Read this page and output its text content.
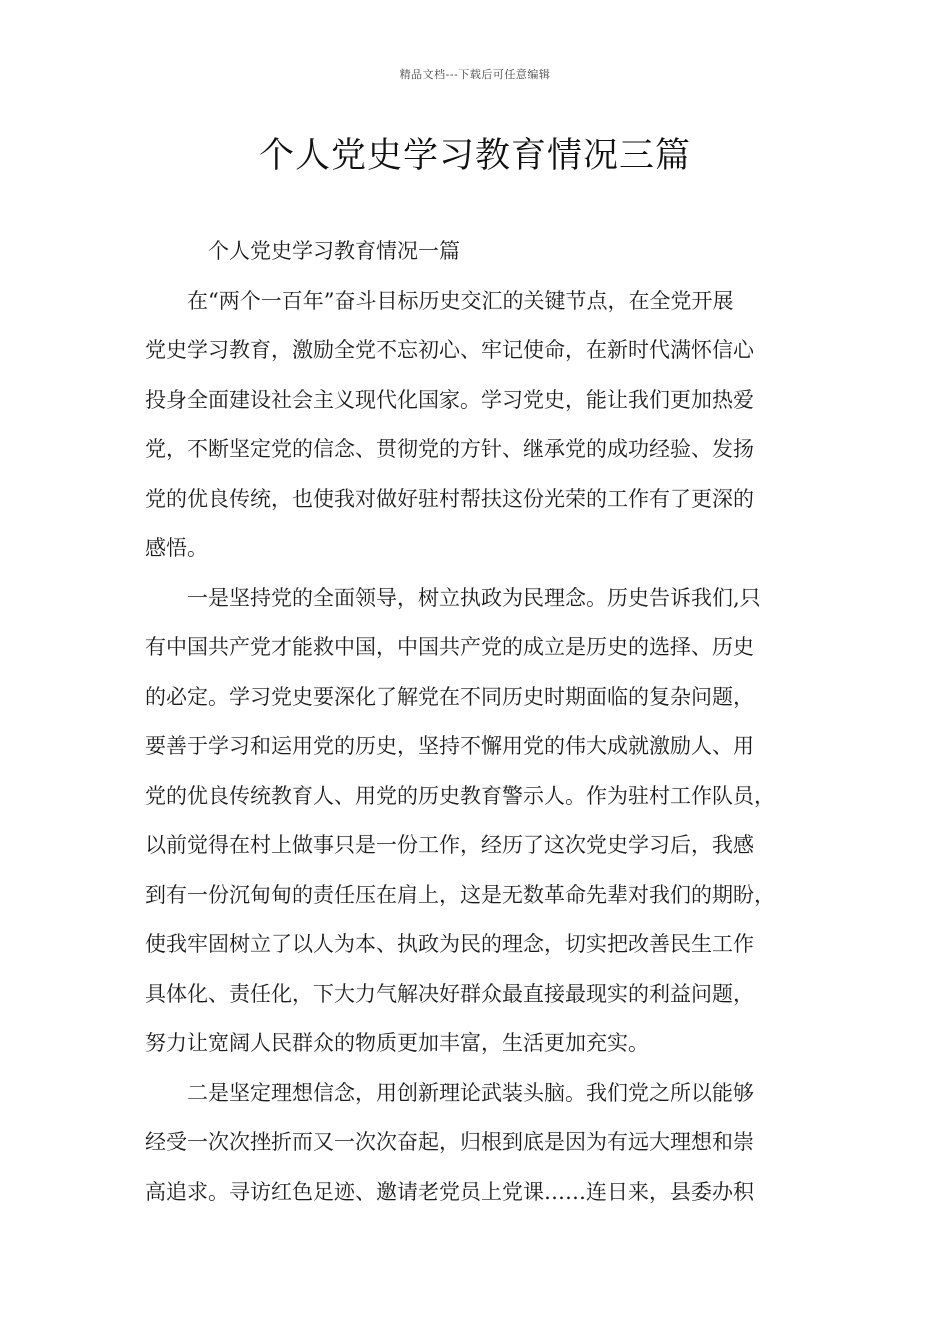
精品文档---下载后可任意编辑
个人党史学习教育情况三篇
个人党史学习教育情况一篇
在“两个一百年”奋斗目标历史交汇的关键节点，在全党开展
党史学习教育，激励全党不忘初心、牢记使命，在新时代满怀信心
投身全面建设社会主义现代化国家。学习党史，能让我们更加热爱
党，不断坚定党的信念、贯彻党的方针、继承党的成功经验、发扬
党的优良传统，也使我对做好驻村帮扶这份光荣的工作有了更深的
感悟。
一是坚持党的全面领导，树立执政为民理念。历史告诉我们,只
有中国共产党才能救中国，中国共产党的成立是历史的选择、历史
的必定。学习党史要深化了解党在不同历史时期面临的复杂问题，
要善于学习和运用党的历史，坚持不懈用党的伟大成就激励人、用
党的优良传统教育人、用党的历史教育警示人。作为驻村工作队员，
以前觉得在村上做事只是一份工作，经历了这次党史学习后，我感
到有一份沉甸甸的责任压在肩上，这是无数革命先辈对我们的期盼，
使我牢固树立了以人为本、执政为民的理念，切实把改善民生工作
具体化、责任化，下大力气解决好群众最直接最现实的利益问题，
努力让宽阔人民群众的物质更加丰富，生活更加充实。
二是坚定理想信念，用创新理论武装头脑。我们党之所以能够
经受一次次挫折而又一次次奋起，归根到底是因为有远大理想和崇
高追求。寻访红色足迹、邀请老党员上党课……连日来，县委办积
